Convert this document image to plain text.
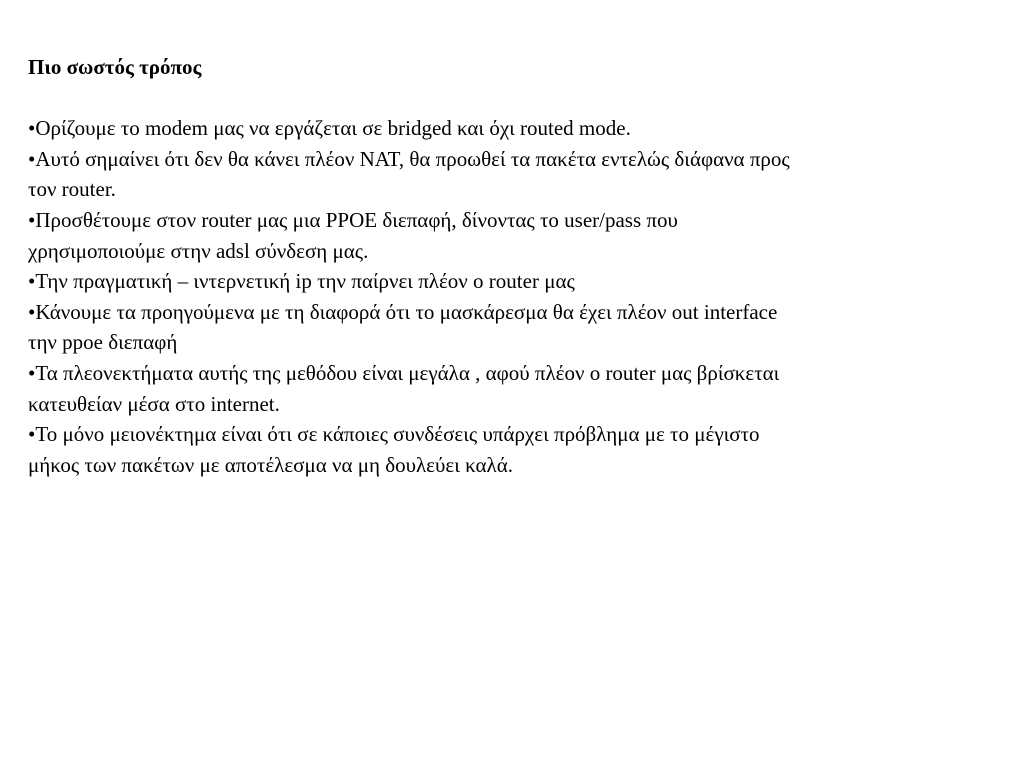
Πιο σωστός τρόπος
•Ορίζουμε το modem μας να εργάζεται σε bridged και όχι routed mode.
•Αυτό σημαίνει ότι δεν θα κάνει πλέον NAT, θα προωθεί τα πακέτα εντελώς διάφανα προς
τον router.
•Προσθέτουμε στον router μας μια PPOE διεπαφή, δίνοντας το user/pass που
χρησιμοποιούμε στην adsl σύνδεση μας.
•Την πραγματική – ιντερνετική ip την παίρνει πλέον ο router μας
•Κάνουμε τα προηγούμενα με τη διαφορά ότι το μασκάρεσμα θα έχει πλέον out interface
την ppoe διεπαφή
•Τα πλεονεκτήματα αυτής της μεθόδου είναι μεγάλα , αφού πλέον ο router μας βρίσκεται
κατευθείαν μέσα στο internet.
•Το μόνο μειονέκτημα είναι ότι σε κάποιες συνδέσεις υπάρχει πρόβλημα με το μέγιστο
μήκος των πακέτων με αποτέλεσμα να μη δουλεύει καλά.
